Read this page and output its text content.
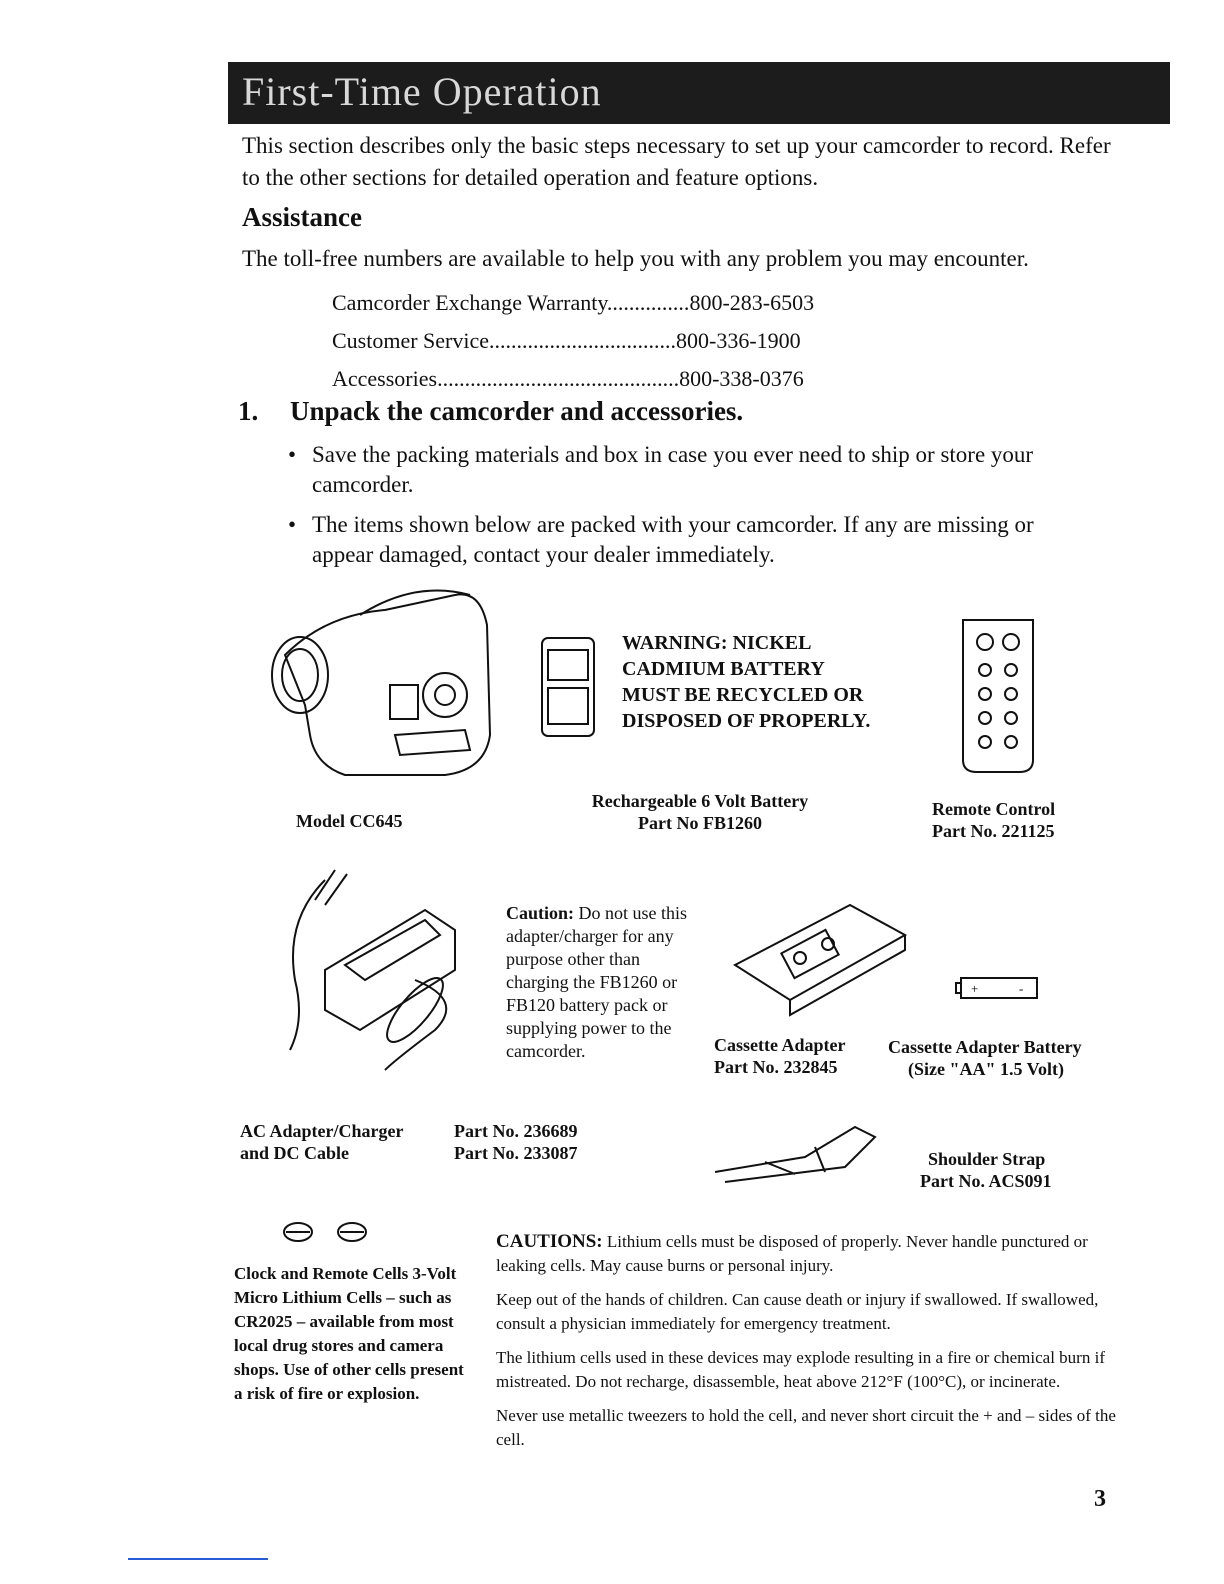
First-Time Operation
This section describes only the basic steps necessary to set up your camcorder to record. Refer to the other sections for detailed operation and feature options.
Assistance
The toll-free numbers are available to help you with any problem you may encounter.
Camcorder Exchange Warranty...............800-283-6503
Customer Service..................................800-336-1900
Accessories............................................800-338-0376
1. Unpack the camcorder and accessories.
• Save the packing materials and box in case you ever need to ship or store your camcorder.
• The items shown below are packed with your camcorder. If any are missing or appear damaged, contact your dealer immediately.
Model CC645
WARNING: NICKEL
CADMIUM BATTERY
MUST BE RECYCLED OR
DISPOSED OF PROPERLY.
Rechargeable 6 Volt Battery
Part No FB1260
Remote Control
Part No. 221125
Caution: Do not use this adapter/charger for any purpose other than charging the FB1260 or FB120 battery pack or supplying power to the camcorder.
AC Adapter/Charger
and DC Cable
Part No. 236689
Part No. 233087
Cassette Adapter
Part No. 232845
+	-
Cassette Adapter Battery
(Size "AA" 1.5 Volt)
Shoulder Strap
Part No. ACS091
Clock and Remote Cells 3-Volt Micro Lithium Cells – such as CR2025 – available from most local drug stores and camera shops. Use of other cells present a risk of fire or explosion.
CAUTIONS: Lithium cells must be disposed of properly. Never handle punctured or leaking cells. May cause burns or personal injury.
Keep out of the hands of children. Can cause death or injury if swallowed. If swallowed, consult a physician immediately for emergency treatment.
The lithium cells used in these devices may explode resulting in a fire or chemical burn if mistreated. Do not recharge, disassemble, heat above 212°F (100°C), or incinerate.
Never use metallic tweezers to hold the cell, and never short circuit the + and – sides of the cell.
3
